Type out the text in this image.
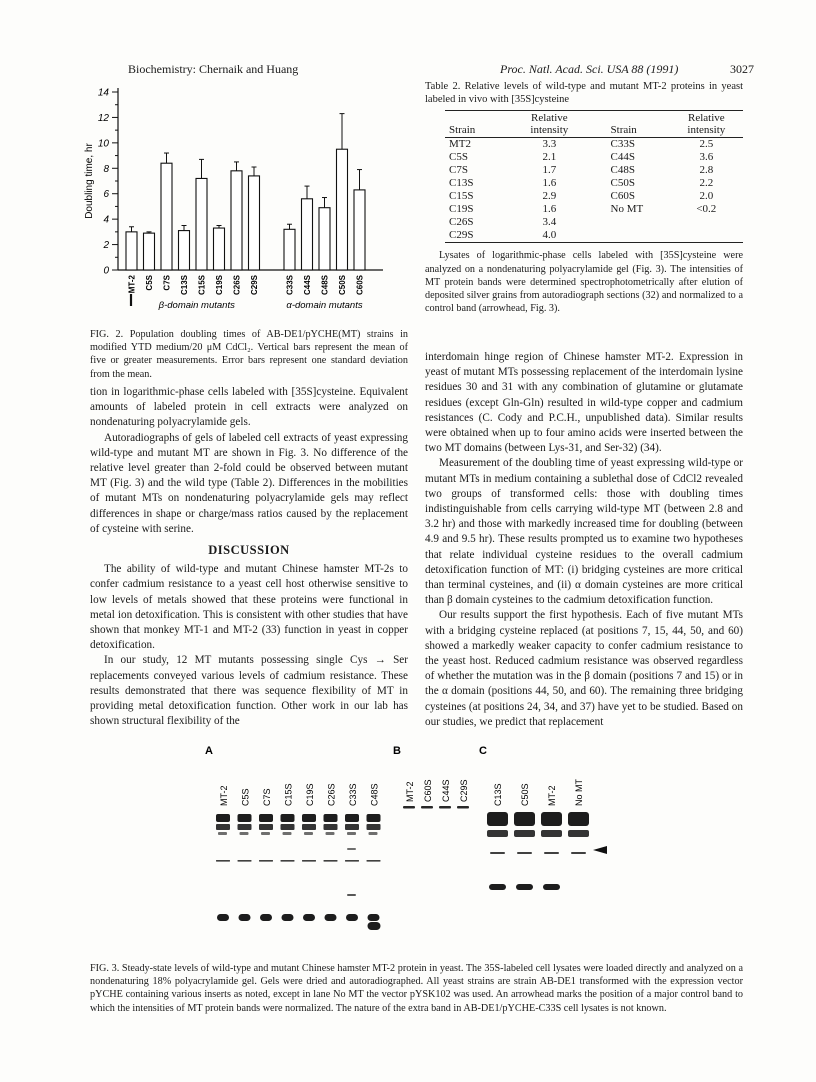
Biochemistry: Chernaik and Huang	Proc. Natl. Acad. Sci. USA 88 (1991)	3027
0
2
4
6
8
10
12
14
Doubling time, hr
MT-2 C5S C7S C13S C15S C19S C26S C29S	C33S C44S C48S C50S C60S
β-domain mutants	α-domain mutants
FIG. 2. Population doubling times of AB-DE1/pYCHE(MT) strains in modified YTD medium/20 μM CdCl₂. Vertical bars represent the mean of five or greater measurements. Error bars represent one standard deviation from the mean.

tion in logarithmic-phase cells labeled with [35S]cysteine. Equivalent amounts of labeled protein in cell extracts were analyzed on nondenaturing polyacrylamide gels.

Autoradiographs of gels of labeled cell extracts of yeast expressing wild-type and mutant MT are shown in Fig. 3. No difference of the relative level greater than 2-fold could be observed between mutant MT (Fig. 3) and the wild type (Table 2). Differences in the mobilities of mutant MTs on nondenaturing polyacrylamide gels may reflect differences in shape or charge/mass ratios caused by the replacement of cysteine with serine.

DISCUSSION

The ability of wild-type and mutant Chinese hamster MT-2s to confer cadmium resistance to a yeast cell host otherwise sensitive to low levels of metals showed that these proteins were functional in metal ion detoxification. This is consistent with other studies that have shown that monkey MT-1 and MT-2 (33) function in yeast in copper detoxification.

In our study, 12 MT mutants possessing single Cys → Ser replacements conveyed various levels of cadmium resistance. These results demonstrated that there was sequence flexibility of MT in providing metal detoxification function. Other work in our lab has shown structural flexibility of the

Table 2. Relative levels of wild-type and mutant MT-2 proteins in yeast labeled in vivo with [35S]cysteine
Strain	Relative intensity	Strain	Relative intensity
MT2	3.3	C33S	2.5
C5S	2.1	C44S	3.6
C7S	1.7	C48S	2.8
C13S	1.6	C50S	2.2
C15S	2.9	C60S	2.0
C19S	1.6	No MT	<0.2
C26S	3.4		
C29S	4.0		
Lysates of logarithmic-phase cells labeled with [35S]cysteine were analyzed on a nondenaturing polyacrylamide gel (Fig. 3). The intensities of MT protein bands were determined spectrophotometrically after elution of deposited silver grains from autoradiograph sections (32) and normalized to a control band (arrowhead, Fig. 3).

interdomain hinge region of Chinese hamster MT-2. Expression in yeast of mutant MTs possessing replacement of the interdomain lysine residues 30 and 31 with any combination of glutamine or glutamate residues (except Gln-Gln) resulted in wild-type copper and cadmium resistances (C. Cody and P.C.H., unpublished data). Similar results were obtained when up to four amino acids were inserted between the two MT domains (between Lys-31, and Ser-32) (34).

Measurement of the doubling time of yeast expressing wild-type or mutant MTs in medium containing a sublethal dose of CdCl2 revealed two groups of transformed cells: those with doubling times indistinguishable from cells carrying wild-type MT (between 2.8 and 3.2 hr) and those with markedly increased time for doubling (between 4.9 and 9.5 hr). These results prompted us to examine two hypotheses that relate individual cysteine residues to the overall cadmium detoxification function of MT: (i) bridging cysteines are more critical than terminal cysteines, and (ii) α domain cysteines are more critical than β domain cysteines to the cadmium detoxification function.

Our results support the first hypothesis. Each of five mutant MTs with a bridging cysteine replaced (at positions 7, 15, 44, 50, and 60) showed a markedly weaker capacity to confer cadmium resistance to the yeast host. Reduced cadmium resistance was observed regardless of whether the mutation was in the β domain (positions 7 and 15) or in the α domain (positions 44, 50, and 60). The remaining three bridging cysteines (at positions 24, 34, and 37) have yet to be studied. Based on our studies, we predict that replacement

A
MT-2 C5S C7S C15S C19S C26S C33S C48S
B
MT-2 C60S C44S C29S
C
C13S C50S MT-2 No MT
FIG. 3. Steady-state levels of wild-type and mutant Chinese hamster MT-2 protein in yeast. The 35S-labeled cell lysates were loaded directly and analyzed on a nondenaturing 18% polyacrylamide gel. Gels were dried and autoradiographed. All yeast strains are strain AB-DE1 transformed with the expression vector pYCHE containing various inserts as noted, except in lane No MT the vector pYSK102 was used. An arrowhead marks the position of a major control band to which the intensities of MT protein bands were normalized. The nature of the extra band in AB-DE1/pYCHE-C33S cell lysates is not known.
